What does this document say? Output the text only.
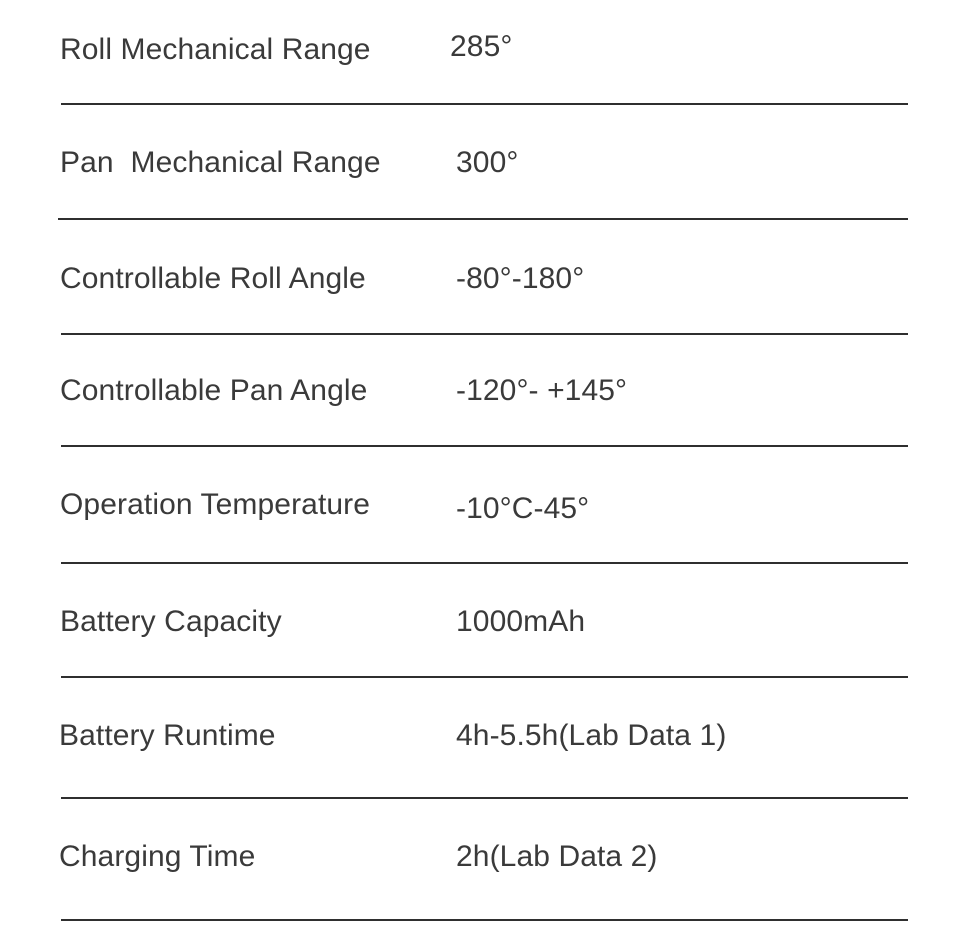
Roll Mechanical Range	285°
Pan  Mechanical Range	300°
Controllable Roll Angle	-80°-180°
Controllable Pan Angle	-120°- +145°
Operation Temperature	-10°C-45°
Battery Capacity	1000mAh
Battery Runtime	4h-5.5h(Lab Data 1)
Charging Time	2h(Lab Data 2)
